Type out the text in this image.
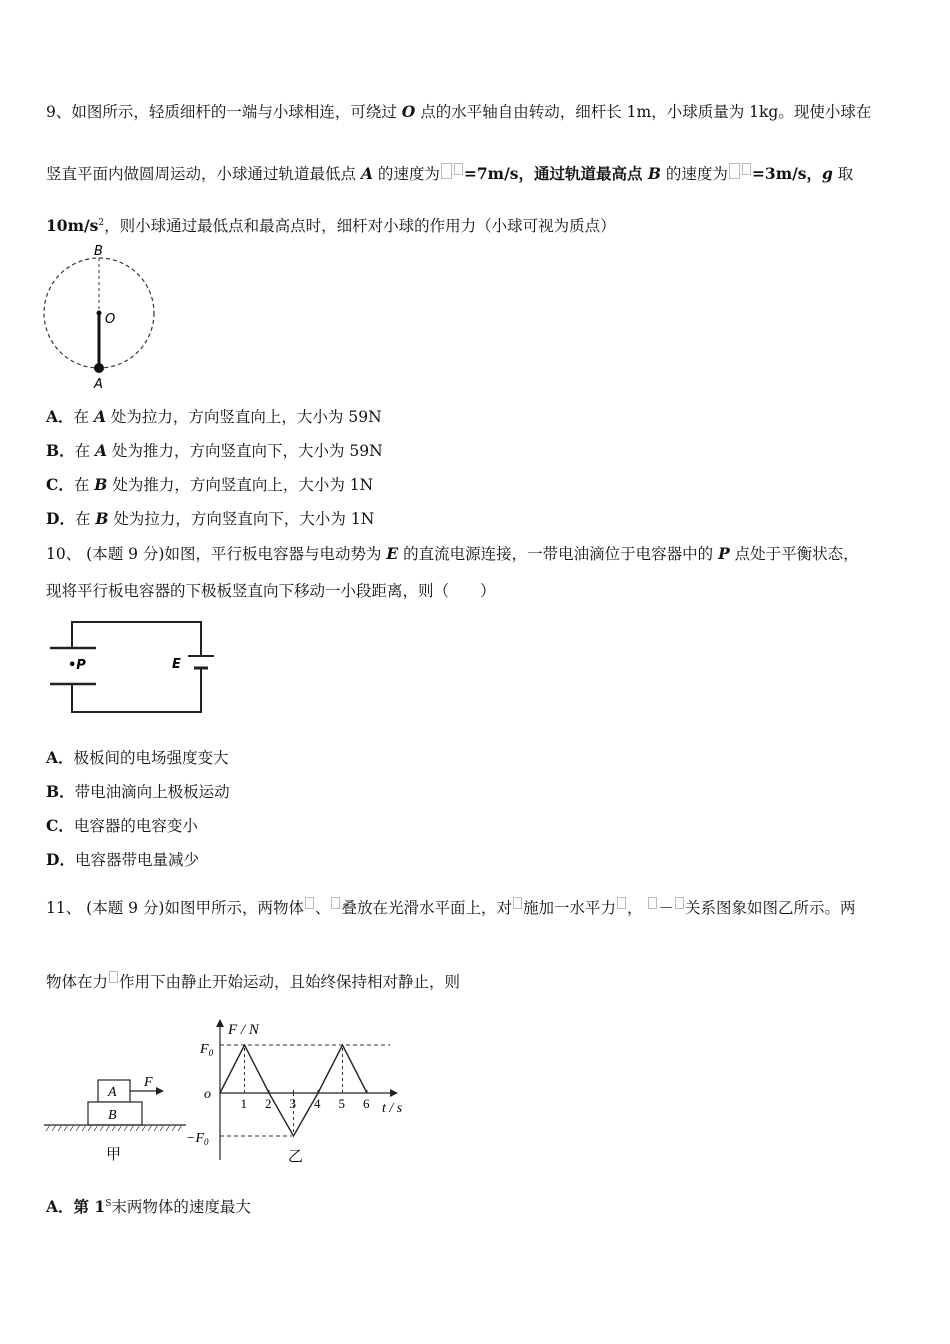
9、如图所示，轻质细杆的一端与小球相连，可绕过 O 点的水平轴自由转动，细杆长 1m，小球质量为 1kg。现使小球在
竖直平面内做圆周运动，小球通过轨道最低点 A 的速度为 =7m/s，通过轨道最高点 B 的速度为 =3m/s，g 取
$10m/s^2$，则小球通过最低点和最高点时，细杆对小球的作用力（小球可视为质点）
B
O
A
A．在 A 处为拉力，方向竖直向上，大小为 59N
B．在 A 处为推力，方向竖直向下，大小为 59N
C．在 B 处为推力，方向竖直向上，大小为 1N
D．在 B 处为拉力，方向竖直向下，大小为 1N
10、 (本题 9 分)如图，平行板电容器与电动势为 E 的直流电源连接，一带电油滴位于电容器中的 P 点处于平衡状态，
现将平行板电容器的下极板竖直向下移动一小段距离，则（　　）
•P	E
A．极板间的电场强度变大
B．带电油滴向上极板运动
C．电容器的电容变小
D．电容器带电量减少
11、 (本题 9 分)如图甲所示，两物体 、 叠放在光滑水平面上，对 施加一水平力 ， － 关系图象如图乙所示。两
物体在力 作用下由静止开始运动，且始终保持相对静止，则
A
B
F
甲
1 2 3 4 5 6
F / N
t / s
o
$F_0$
$-F_0$
乙
A．第 $1^S$末两物体的速度最大
